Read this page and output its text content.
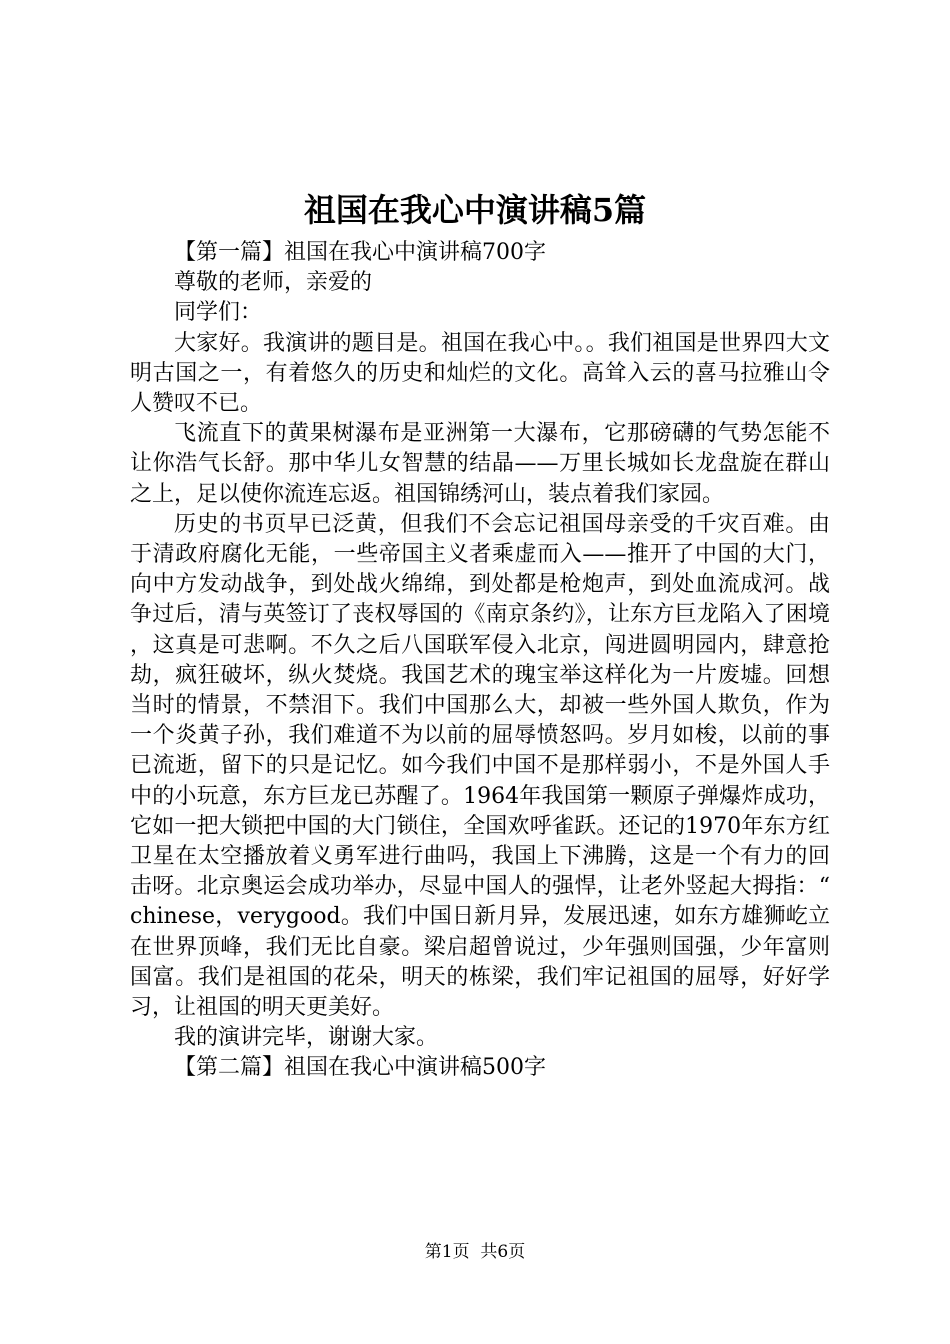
祖国在我心中演讲稿5篇

【第一篇】祖国在我心中演讲稿700字

尊敬的老师，亲爱的

同学们：

大家好。我演讲的题目是。祖国在我心中。。我们祖国是世界四大文明古国之一，有着悠久的历史和灿烂的文化。高耸入云的喜马拉雅山令人赞叹不已。

飞流直下的黄果树瀑布是亚洲第一大瀑布，它那磅礴的气势怎能不让你浩气长舒。那中华儿女智慧的结晶——万里长城如长龙盘旋在群山之上，足以使你流连忘返。祖国锦绣河山，装点着我们家园。

历史的书页早已泛黄，但我们不会忘记祖国母亲受的千灾百难。由于清政府腐化无能，一些帝国主义者乘虚而入——推开了中国的大门，向中方发动战争，到处战火绵绵，到处都是枪炮声，到处血流成河。战争过后，清与英签订了丧权辱国的《南京条约》，让东方巨龙陷入了困境，这真是可悲啊。不久之后八国联军侵入北京，闯进圆明园内，肆意抢劫，疯狂破坏，纵火焚烧。我国艺术的瑰宝举这样化为一片废墟。回想当时的情景，不禁泪下。我们中国那么大，却被一些外国人欺负，作为一个炎黄子孙，我们难道不为以前的屈辱愤怒吗。岁月如梭，以前的事已流逝，留下的只是记忆。如今我们中国不是那样弱小，不是外国人手中的小玩意，东方巨龙已苏醒了。1964年我国第一颗原子弹爆炸成功，它如一把大锁把中国的大门锁住，全国欢呼雀跃。还记的1970年东方红卫星在太空播放着义勇军进行曲吗，我国上下沸腾，这是一个有力的回击呀。北京奥运会成功举办，尽显中国人的强悍，让老外竖起大拇指：“chinese，verygood。我们中国日新月异，发展迅速，如东方雄狮屹立在世界顶峰，我们无比自豪。梁启超曾说过，少年强则国强，少年富则国富。我们是祖国的花朵，明天的栋梁，我们牢记祖国的屈辱，好好学习，让祖国的明天更美好。

我的演讲完毕，谢谢大家。

【第二篇】祖国在我心中演讲稿500字

第1页  共6页
